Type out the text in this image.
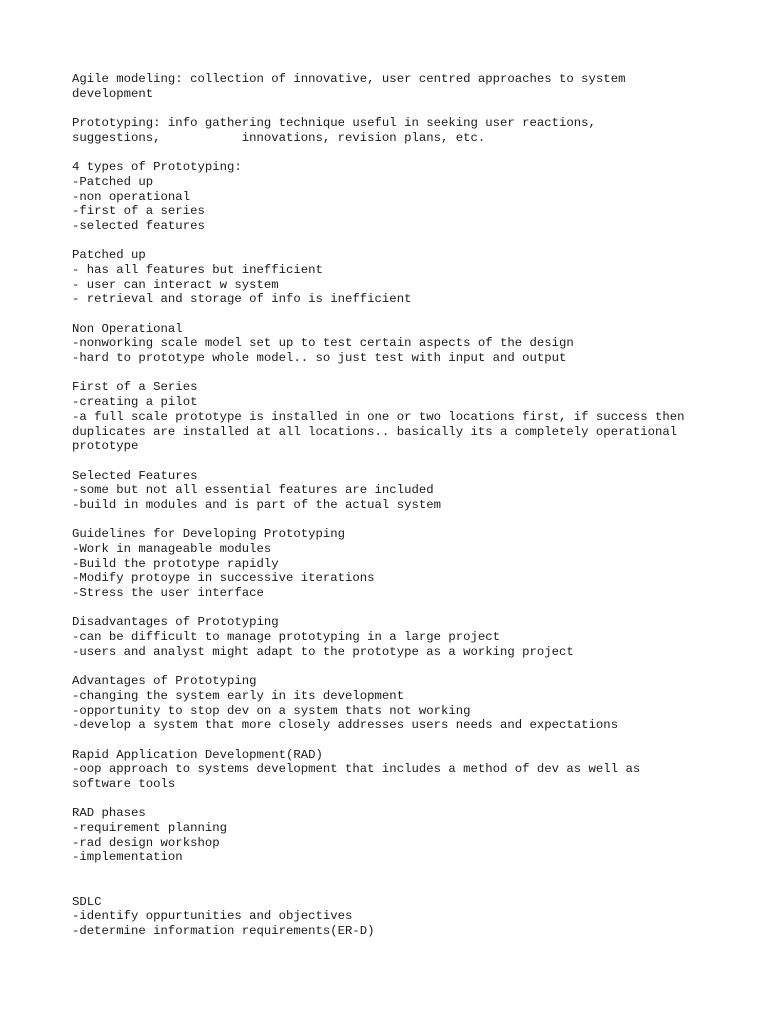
Agile modeling: collection of innovative, user centred approaches to system
development
Prototyping: info gathering technique useful in seeking user reactions,
suggestions,           innovations, revision plans, etc.
4 types of Prototyping:
-Patched up
-non operational
-first of a series
-selected features
Patched up
- has all features but inefficient
- user can interact w system
- retrieval and storage of info is inefficient
Non Operational
-nonworking scale model set up to test certain aspects of the design
-hard to prototype whole model.. so just test with input and output
First of a Series
-creating a pilot
-a full scale prototype is installed in one or two locations first, if success then
duplicates are installed at all locations.. basically its a completely operational
prototype
Selected Features
-some but not all essential features are included
-build in modules and is part of the actual system
Guidelines for Developing Prototyping
-Work in manageable modules
-Build the prototype rapidly
-Modify protoype in successive iterations
-Stress the user interface
Disadvantages of Prototyping
-can be difficult to manage prototyping in a large project
-users and analyst might adapt to the prototype as a working project
Advantages of Prototyping
-changing the system early in its development
-opportunity to stop dev on a system thats not working
-develop a system that more closely addresses users needs and expectations
Rapid Application Development(RAD)
-oop approach to systems development that includes a method of dev as well as
software tools
RAD phases
-requirement planning
-rad design workshop
-implementation
SDLC
-identify oppurtunities and objectives
-determine information requirements(ER-D)
